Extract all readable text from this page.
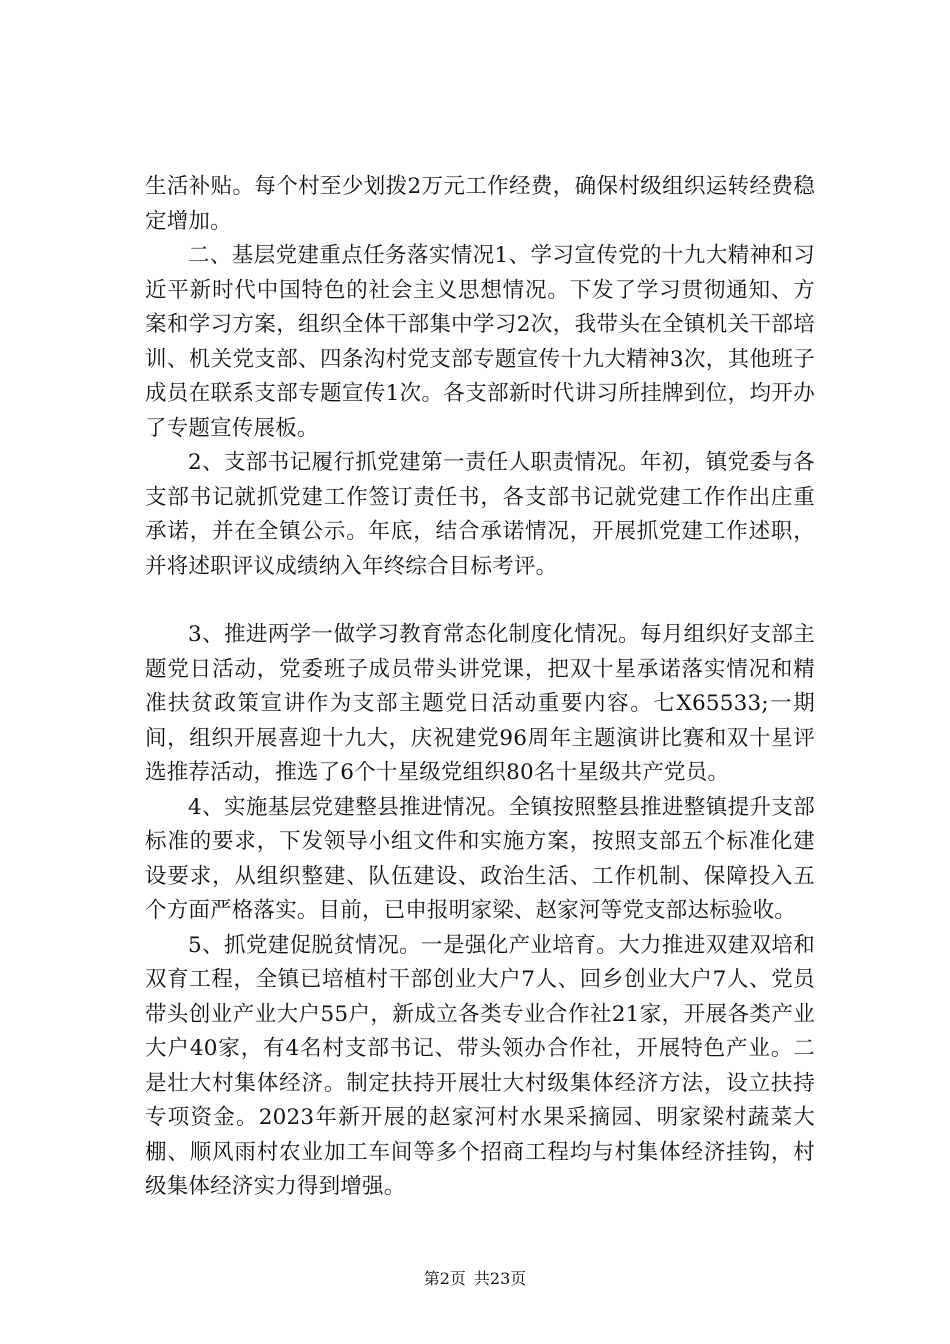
生活补贴。每个村至少划拨2万元工作经费，确保村级组织运转经费稳定增加。

二、基层党建重点任务落实情况1、学习宣传党的十九大精神和习近平新时代中国特色的社会主义思想情况。下发了学习贯彻通知、方案和学习方案，组织全体干部集中学习2次，我带头在全镇机关干部培训、机关党支部、四条沟村党支部专题宣传十九大精神3次，其他班子成员在联系支部专题宣传1次。各支部新时代讲习所挂牌到位，均开办了专题宣传展板。

2、支部书记履行抓党建第一责任人职责情况。年初，镇党委与各支部书记就抓党建工作签订责任书，各支部书记就党建工作作出庄重承诺，并在全镇公示。年底，结合承诺情况，开展抓党建工作述职，并将述职评议成绩纳入年终综合目标考评。

3、推进两学一做学习教育常态化制度化情况。每月组织好支部主题党日活动，党委班子成员带头讲党课，把双十星承诺落实情况和精准扶贫政策宣讲作为支部主题党日活动重要内容。七X65533;一期间，组织开展喜迎十九大，庆祝建党96周年主题演讲比赛和双十星评选推荐活动，推选了6个十星级党组织80名十星级共产党员。

4、实施基层党建整县推进情况。全镇按照整县推进整镇提升支部标准的要求，下发领导小组文件和实施方案，按照支部五个标准化建设要求，从组织整建、队伍建设、政治生活、工作机制、保障投入五个方面严格落实。目前，已申报明家梁、赵家河等党支部达标验收。

5、抓党建促脱贫情况。一是强化产业培育。大力推进双建双培和双育工程，全镇已培植村干部创业大户7人、回乡创业大户7人、党员带头创业产业大户55户，新成立各类专业合作社21家，开展各类产业大户40家，有4名村支部书记、带头领办合作社，开展特色产业。二是壮大村集体经济。制定扶持开展壮大村级集体经济方法，设立扶持专项资金。2023年新开展的赵家河村水果采摘园、明家梁村蔬菜大棚、顺风雨村农业加工车间等多个招商工程均与村集体经济挂钩，村级集体经济实力得到增强。

第2页 共23页
